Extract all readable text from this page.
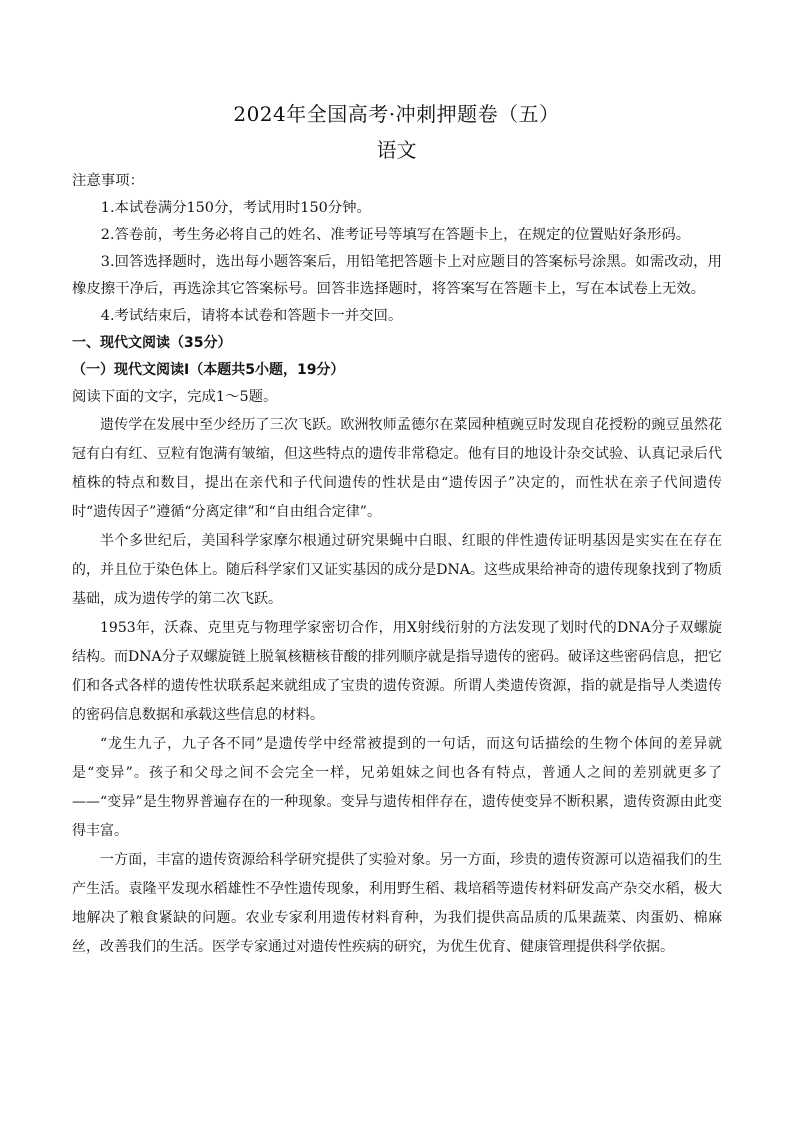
2024年全国高考·冲刺押题卷（五）
语文

注意事项：

1.本试卷满分150分，考试用时150分钟。

2.答卷前，考生务必将自己的姓名、准考证号等填写在答题卡上，在规定的位置贴好条形码。

3.回答选择题时，选出每小题答案后，用铅笔把答题卡上对应题目的答案标号涂黑。如需改动，用橡皮擦干净后，再选涂其它答案标号。回答非选择题时，将答案写在答题卡上，写在本试卷上无效。

4.考试结束后，请将本试卷和答题卡一并交回。

一、现代文阅读（35分）

（一）现代文阅读Ⅰ（本题共5小题，19分）

阅读下面的文字，完成1～5题。

遗传学在发展中至少经历了三次飞跃。欧洲牧师孟德尔在菜园种植豌豆时发现自花授粉的豌豆虽然花冠有白有红、豆粒有饱满有皱缩，但这些特点的遗传非常稳定。他有目的地设计杂交试验、认真记录后代植株的特点和数目，提出在亲代和子代间遗传的性状是由“遗传因子”决定的，而性状在亲子代间遗传时“遗传因子”遵循“分离定律”和“自由组合定律”。

半个多世纪后，美国科学家摩尔根通过研究果蝇中白眼、红眼的伴性遗传证明基因是实实在在存在的，并且位于染色体上。随后科学家们又证实基因的成分是DNA。这些成果给神奇的遗传现象找到了物质基础，成为遗传学的第二次飞跃。

1953年，沃森、克里克与物理学家密切合作，用X射线衍射的方法发现了划时代的DNA分子双螺旋结构。而DNA分子双螺旋链上脱氧核糖核苷酸的排列顺序就是指导遗传的密码。破译这些密码信息，把它们和各式各样的遗传性状联系起来就组成了宝贵的遗传资源。所谓人类遗传资源，指的就是指导人类遗传的密码信息数据和承载这些信息的材料。

“龙生九子，九子各不同”是遗传学中经常被提到的一句话，而这句话描绘的生物个体间的差异就是“变异”。孩子和父母之间不会完全一样，兄弟姐妹之间也各有特点，普通人之间的差别就更多了——“变异”是生物界普遍存在的一种现象。变异与遗传相伴存在，遗传使变异不断积累，遗传资源由此变得丰富。

一方面，丰富的遗传资源给科学研究提供了实验对象。另一方面，珍贵的遗传资源可以造福我们的生产生活。袁隆平发现水稻雄性不孕性遗传现象，利用野生稻、栽培稻等遗传材料研发高产杂交水稻，极大地解决了粮食紧缺的问题。农业专家利用遗传材料育种，为我们提供高品质的瓜果蔬菜、肉蛋奶、棉麻丝，改善我们的生活。医学专家通过对遗传性疾病的研究，为优生优育、健康管理提供科学依据。
